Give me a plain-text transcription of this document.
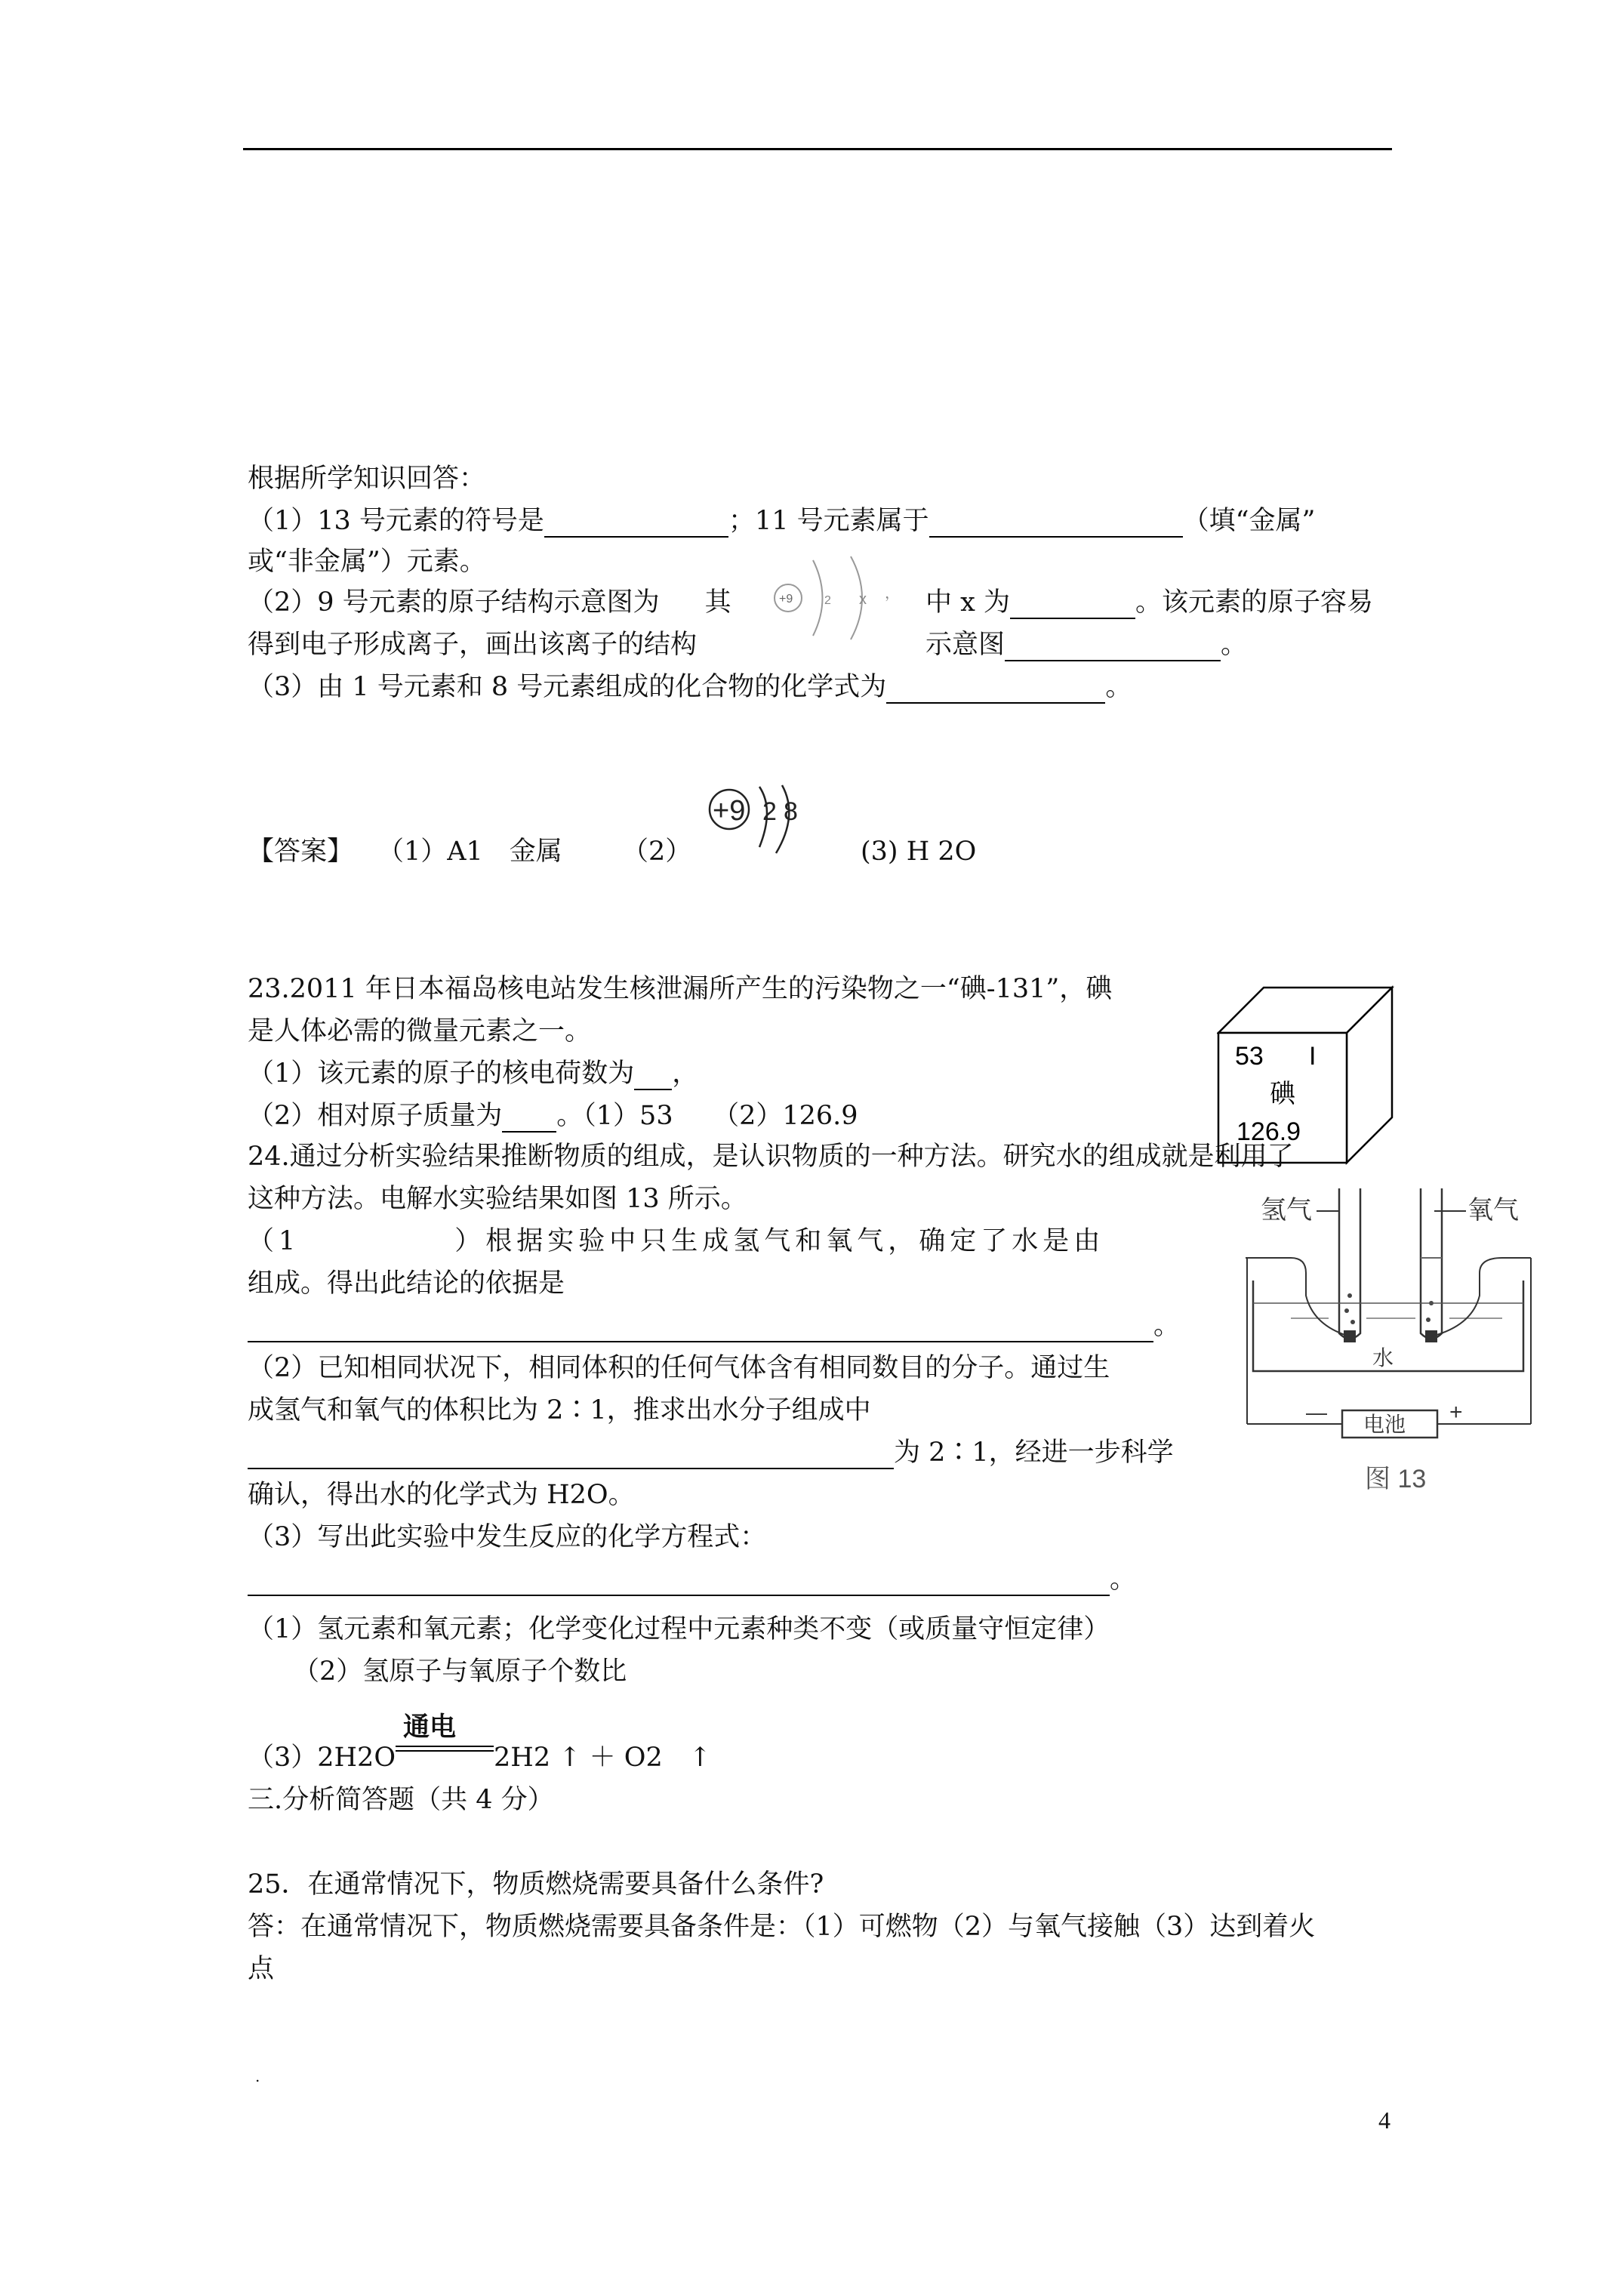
根据所学知识回答：
（1）13 号元素的符号是	；11 号元素属于	（填“金属”
或“非金属”）元素。
（2）9 号元素的原子结构示意图为 其	+9	2 x ， 中 x 为	。该元素的原子容易
得到电子形成离子，画出该离子的结构	示意图	。
（3）由 1 号元素和 8 号元素组成的化合物的化学式为	。
【答案】 （1）A1　金属 （2）
+9 2 8
(3) H 2O
23.2011 年日本福岛核电站发生核泄漏所产生的污染物之一“碘-131”，碘
是人体必需的微量元素之一。
（1）该元素的原子的核电荷数为 ，
（2）相对原子质量为 。（1）53　　（2）126.9
53 I
碘
126.9
24.通过分析实验结果推断物质的组成，是认识物质的一种方法。研究水的组成就是利用了
这种方法。电解水实验结果如图 13 所示。
（1　　　　　）根据实验中只生成氢气和氧气，确定了水是由
组成。得出此结论的依据是
。
（2）已知相同状况下，相同体积的任何气体含有相同数目的分子。通过生
成氢气和氧气的体积比为 2∶1，推求出水分子组成中
为 2∶1，经进一步科学
确认，得出水的化学式为 H2O。
（3）写出此实验中发生反应的化学方程式：
。
氢气	氧气
水
电池
—	+
图 13
（1）氢元素和氧元素；化学变化过程中元素种类不变（或质量守恒定律）
（2）氢原子与氧原子个数比
（3）2H2O
通电
2H2 ↑ ＋ O2　↑
三.分析简答题（共 4 分）
25．在通常情况下，物质燃烧需要具备什么条件?
答：在通常情况下，物质燃烧需要具备条件是：（1）可燃物（2）与氧气接触（3）达到着火
点
.
4
